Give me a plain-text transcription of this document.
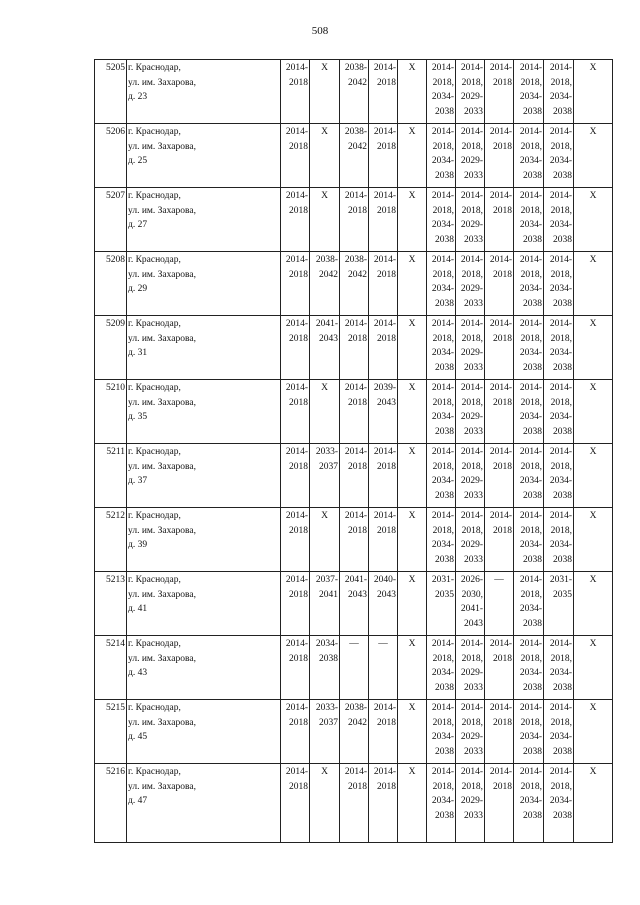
508
5205	г. Краснодар,
ул. им. Захарова,
д. 23	2014-
2018	X	2038-
2042	2014-
2018	X	2014-
2018,
2034-
2038	2014-
2018,
2029-
2033	2014-
2018	2014-
2018,
2034-
2038	2014-
2018,
2034-
2038	X

5206	г. Краснодар,
ул. им. Захарова,
д. 25	2014-
2018	X	2038-
2042	2014-
2018	X	2014-
2018,
2034-
2038	2014-
2018,
2029-
2033	2014-
2018	2014-
2018,
2034-
2038	2014-
2018,
2034-
2038	X

5207	г. Краснодар,
ул. им. Захарова,
д. 27	2014-
2018	X	2014-
2018	2014-
2018	X	2014-
2018,
2034-
2038	2014-
2018,
2029-
2033	2014-
2018	2014-
2018,
2034-
2038	2014-
2018,
2034-
2038	X

5208	г. Краснодар,
ул. им. Захарова,
д. 29	2014-
2018	2038-
2042	2038-
2042	2014-
2018	X	2014-
2018,
2034-
2038	2014-
2018,
2029-
2033	2014-
2018	2014-
2018,
2034-
2038	2014-
2018,
2034-
2038	X

5209	г. Краснодар,
ул. им. Захарова,
д. 31	2014-
2018	2041-
2043	2014-
2018	2014-
2018	X	2014-
2018,
2034-
2038	2014-
2018,
2029-
2033	2014-
2018	2014-
2018,
2034-
2038	2014-
2018,
2034-
2038	X

5210	г. Краснодар,
ул. им. Захарова,
д. 35	2014-
2018	X	2014-
2018	2039-
2043	X	2014-
2018,
2034-
2038	2014-
2018,
2029-
2033	2014-
2018	2014-
2018,
2034-
2038	2014-
2018,
2034-
2038	X

5211	г. Краснодар,
ул. им. Захарова,
д. 37	2014-
2018	2033-
2037	2014-
2018	2014-
2018	X	2014-
2018,
2034-
2038	2014-
2018,
2029-
2033	2014-
2018	2014-
2018,
2034-
2038	2014-
2018,
2034-
2038	X

5212	г. Краснодар,
ул. им. Захарова,
д. 39	2014-
2018	X	2014-
2018	2014-
2018	X	2014-
2018,
2034-
2038	2014-
2018,
2029-
2033	2014-
2018	2014-
2018,
2034-
2038	2014-
2018,
2034-
2038	X

5213	г. Краснодар,
ул. им. Захарова,
д. 41	2014-
2018	2037-
2041	2041-
2043	2040-
2043	X	2031-
2035	2026-
2030,
2041-
2043	—	2014-
2018,
2034-
2038	2031-
2035	X

5214	г. Краснодар,
ул. им. Захарова,
д. 43	2014-
2018	2034-
2038	—	—	X	2014-
2018,
2034-
2038	2014-
2018,
2029-
2033	2014-
2018	2014-
2018,
2034-
2038	2014-
2018,
2034-
2038	X

5215	г. Краснодар,
ул. им. Захарова,
д. 45	2014-
2018	2033-
2037	2038-
2042	2014-
2018	X	2014-
2018,
2034-
2038	2014-
2018,
2029-
2033	2014-
2018	2014-
2018,
2034-
2038	2014-
2018,
2034-
2038	X

5216	г. Краснодар,
ул. им. Захарова,
д. 47	2014-
2018	X	2014-
2018	2014-
2018	X	2014-
2018,
2034-
2038	2014-
2018,
2029-
2033	2014-
2018	2014-
2018,
2034-
2038	2014-
2018,
2034-
2038	X
